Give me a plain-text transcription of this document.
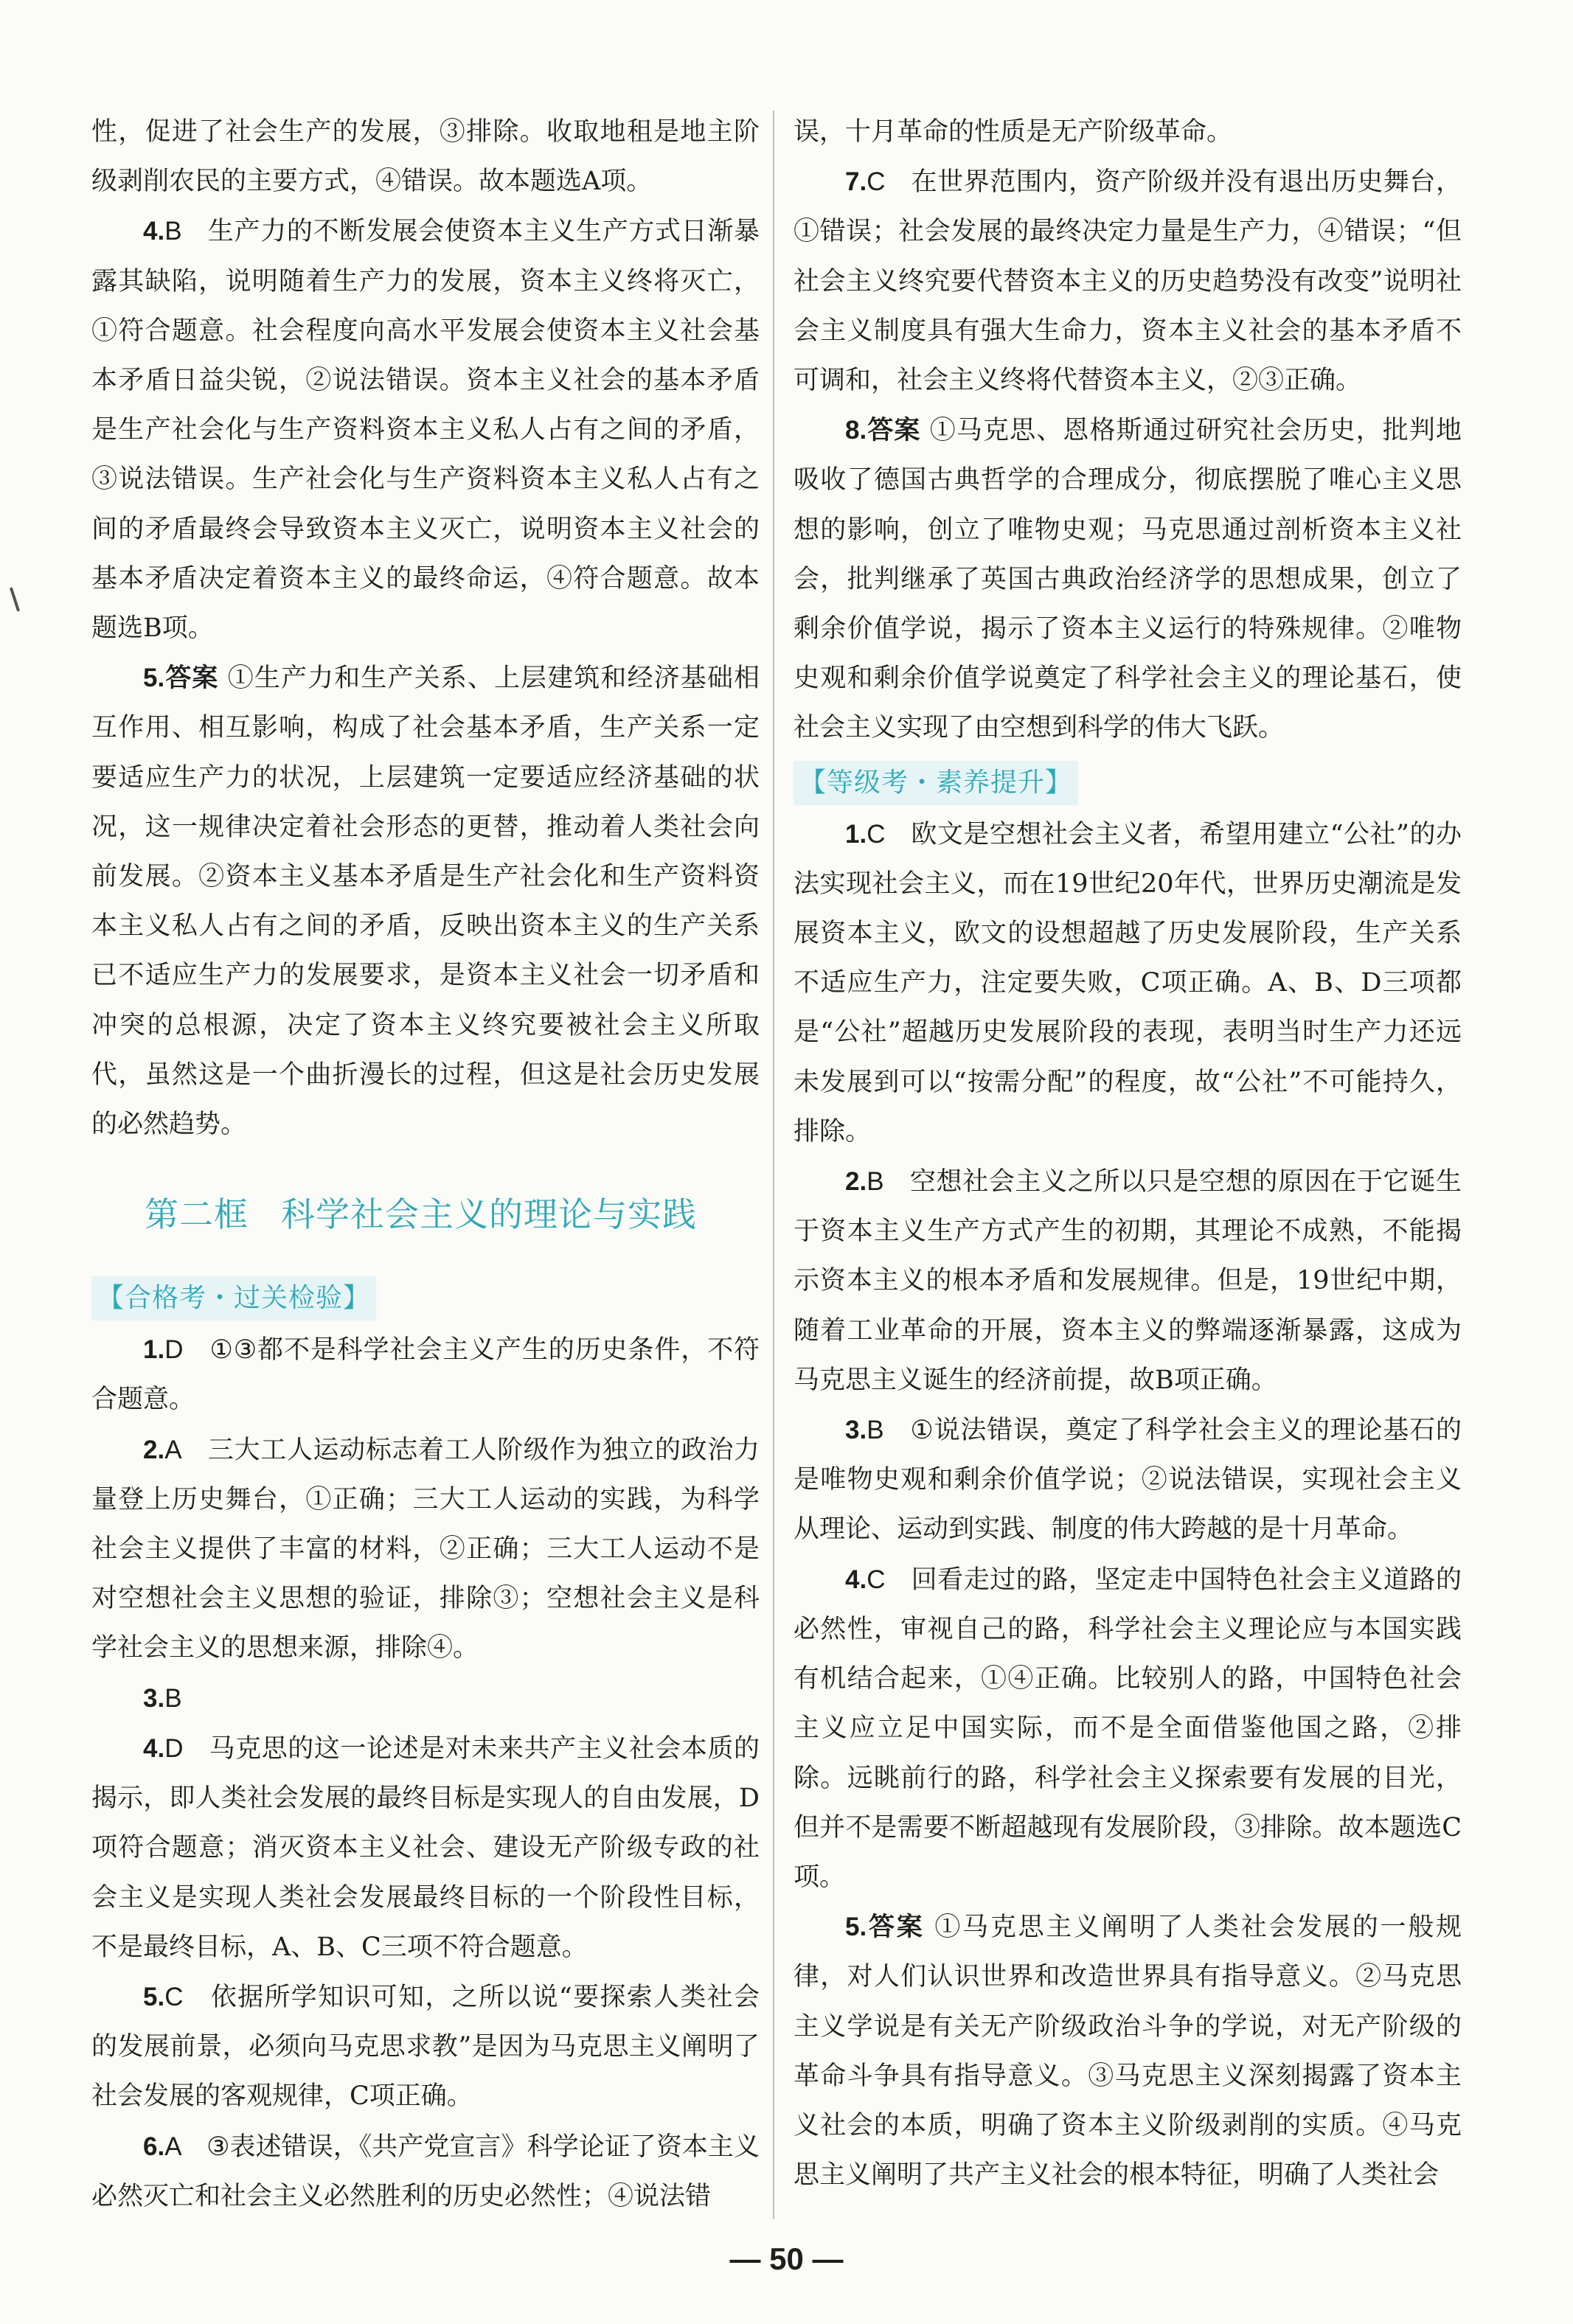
性，促进了社会生产的发展，③排除。收取地租是地主阶级剥削农民的主要方式，④错误。故本题选A项。

4.B 生产力的不断发展会使资本主义生产方式日渐暴露其缺陷，说明随着生产力的发展，资本主义终将灭亡，①符合题意。社会程度向高水平发展会使资本主义社会基本矛盾日益尖锐，②说法错误。资本主义社会的基本矛盾是生产社会化与生产资料资本主义私人占有之间的矛盾，③说法错误。生产社会化与生产资料资本主义私人占有之间的矛盾最终会导致资本主义灭亡，说明资本主义社会的基本矛盾决定着资本主义的最终命运，④符合题意。故本题选B项。

5.答案 ①生产力和生产关系、上层建筑和经济基础相互作用、相互影响，构成了社会基本矛盾，生产关系一定要适应生产力的状况，上层建筑一定要适应经济基础的状况，这一规律决定着社会形态的更替，推动着人类社会向前发展。②资本主义基本矛盾是生产社会化和生产资料资本主义私人占有之间的矛盾，反映出资本主义的生产关系已不适应生产力的发展要求，是资本主义社会一切矛盾和冲突的总根源，决定了资本主义终究要被社会主义所取代，虽然这是一个曲折漫长的过程，但这是社会历史发展的必然趋势。

第二框 科学社会主义的理论与实践

【合格考・过关检验】

1.D ①③都不是科学社会主义产生的历史条件，不符合题意。

2.A 三大工人运动标志着工人阶级作为独立的政治力量登上历史舞台，①正确；三大工人运动的实践，为科学社会主义提供了丰富的材料，②正确；三大工人运动不是对空想社会主义思想的验证，排除③；空想社会主义是科学社会主义的思想来源，排除④。

3.B

4.D 马克思的这一论述是对未来共产主义社会本质的揭示，即人类社会发展的最终目标是实现人的自由发展，D项符合题意；消灭资本主义社会、建设无产阶级专政的社会主义是实现人类社会发展最终目标的一个阶段性目标，不是最终目标，A、B、C三项不符合题意。

5.C 依据所学知识可知，之所以说“要探索人类社会的发展前景，必须向马克思求教”是因为马克思主义阐明了社会发展的客观规律，C项正确。

6.A ③表述错误，《共产党宣言》科学论证了资本主义必然灭亡和社会主义必然胜利的历史必然性；④说法错

误，十月革命的性质是无产阶级革命。

7.C 在世界范围内，资产阶级并没有退出历史舞台，①错误；社会发展的最终决定力量是生产力，④错误；“但社会主义终究要代替资本主义的历史趋势没有改变”说明社会主义制度具有强大生命力，资本主义社会的基本矛盾不可调和，社会主义终将代替资本主义，②③正确。

8.答案 ①马克思、恩格斯通过研究社会历史，批判地吸收了德国古典哲学的合理成分，彻底摆脱了唯心主义思想的影响，创立了唯物史观；马克思通过剖析资本主义社会，批判继承了英国古典政治经济学的思想成果，创立了剩余价值学说，揭示了资本主义运行的特殊规律。②唯物史观和剩余价值学说奠定了科学社会主义的理论基石，使社会主义实现了由空想到科学的伟大飞跃。

【等级考・素养提升】

1.C 欧文是空想社会主义者，希望用建立“公社”的办法实现社会主义，而在19世纪20年代，世界历史潮流是发展资本主义，欧文的设想超越了历史发展阶段，生产关系不适应生产力，注定要失败，C项正确。A、B、D三项都是“公社”超越历史发展阶段的表现，表明当时生产力还远未发展到可以“按需分配”的程度，故“公社”不可能持久，排除。

2.B 空想社会主义之所以只是空想的原因在于它诞生于资本主义生产方式产生的初期，其理论不成熟，不能揭示资本主义的根本矛盾和发展规律。但是，19世纪中期，随着工业革命的开展，资本主义的弊端逐渐暴露，这成为马克思主义诞生的经济前提，故B项正确。

3.B ①说法错误，奠定了科学社会主义的理论基石的是唯物史观和剩余价值学说；②说法错误，实现社会主义从理论、运动到实践、制度的伟大跨越的是十月革命。

4.C 回看走过的路，坚定走中国特色社会主义道路的必然性，审视自己的路，科学社会主义理论应与本国实践有机结合起来，①④正确。比较别人的路，中国特色社会主义应立足中国实际，而不是全面借鉴他国之路，②排除。远眺前行的路，科学社会主义探索要有发展的目光，但并不是需要不断超越现有发展阶段，③排除。故本题选C项。

5.答案 ①马克思主义阐明了人类社会发展的一般规律，对人们认识世界和改造世界具有指导意义。②马克思主义学说是有关无产阶级政治斗争的学说，对无产阶级的革命斗争具有指导意义。③马克思主义深刻揭露了资本主义社会的本质，明确了资本主义阶级剥削的实质。④马克思主义阐明了共产主义社会的根本特征，明确了人类社会

— 50 —
